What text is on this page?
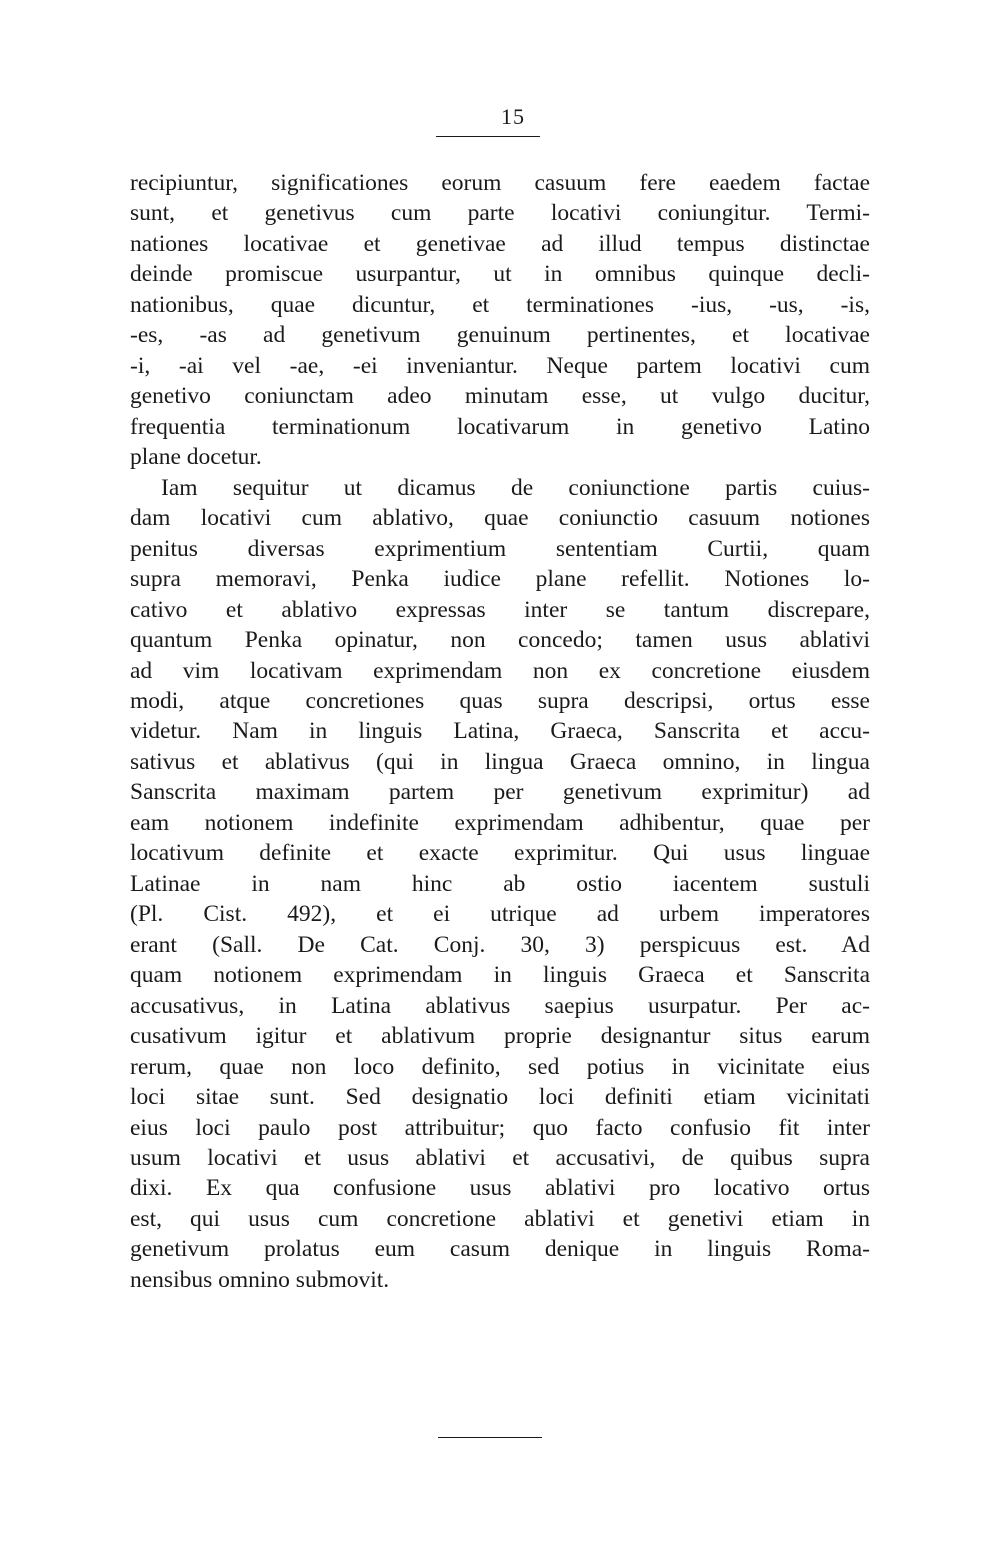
15
recipiuntur, significationes eorum casuum fere eaedem factae
sunt, et genetivus cum parte locativi coniungitur. Termi-
nationes locativae et genetivae ad illud tempus distinctae
deinde promiscue usurpantur, ut in omnibus quinque decli-
nationibus, quae dicuntur, et terminationes -ius, -us, -is,
-es, -as ad genetivum genuinum pertinentes, et locativae
-i, -ai vel -ae, -ei inveniantur. Neque partem locativi cum
genetivo coniunctam adeo minutam esse, ut vulgo ducitur,
frequentia terminationum locativarum in genetivo Latino
plane docetur.
Iam sequitur ut dicamus de coniunctione partis cuius-
dam locativi cum ablativo, quae coniunctio casuum notiones
penitus diversas exprimentium sententiam Curtii, quam
supra memoravi, Penka iudice plane refellit. Notiones lo-
cativo et ablativo expressas inter se tantum discrepare,
quantum Penka opinatur, non concedo; tamen usus ablativi
ad vim locativam exprimendam non ex concretione eiusdem
modi, atque concretiones quas supra descripsi, ortus esse
videtur. Nam in linguis Latina, Graeca, Sanscrita et accu-
sativus et ablativus (qui in lingua Graeca omnino, in lingua
Sanscrita maximam partem per genetivum exprimitur) ad
eam notionem indefinite exprimendam adhibentur, quae per
locativum definite et exacte exprimitur. Qui usus linguae
Latinae in nam hinc ab ostio iacentem sustuli
(Pl. Cist. 492), et ei utrique ad urbem imperatores
erant (Sall. De Cat. Conj. 30, 3) perspicuus est. Ad
quam notionem exprimendam in linguis Graeca et Sanscrita
accusativus, in Latina ablativus saepius usurpatur. Per ac-
cusativum igitur et ablativum proprie designantur situs earum
rerum, quae non loco definito, sed potius in vicinitate eius
loci sitae sunt. Sed designatio loci definiti etiam vicinitati
eius loci paulo post attribuitur; quo facto confusio fit inter
usum locativi et usus ablativi et accusativi, de quibus supra
dixi. Ex qua confusione usus ablativi pro locativo ortus
est, qui usus cum concretione ablativi et genetivi etiam in
genetivum prolatus eum casum denique in linguis Roma-
nensibus omnino submovit.
